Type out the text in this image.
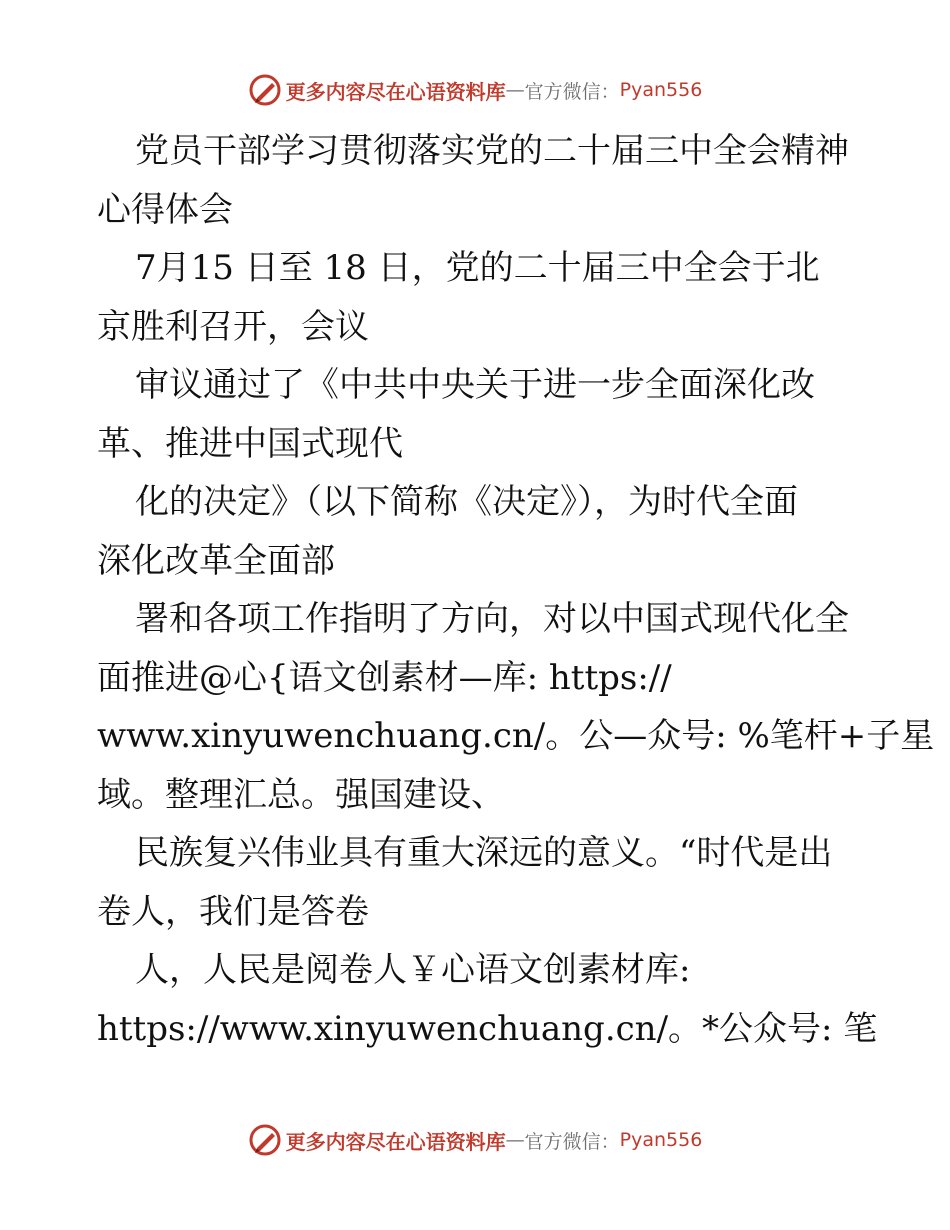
更多内容尽在心语资料库 — 官方微信： Pyan556
党员干部学习贯彻落实党的二十届三中全会精神
心得体会
7月15 日至 18 日，党的二十届三中全会于北
京胜利召开，会议
审议通过了《中共中央关于进一步全面深化改
革、推进中国式现代
化的决定》（以下简称《决定》），为时代全面
深化改革全面部
署和各项工作指明了方向，对以中国式现代化全
面推进@心{语文创素材—库: https://
www.xinyuwenchuang.cn/。公—众号: %笔杆+子星
域。整理汇总。强国建设、
民族复兴伟业具有重大深远的意义。“时代是出
卷人，我们是答卷
人，人民是阅卷人￥心语文创素材库:
https://www.xinyuwenchuang.cn/。*公众号: 笔
更多内容尽在心语资料库 — 官方微信： Pyan556
